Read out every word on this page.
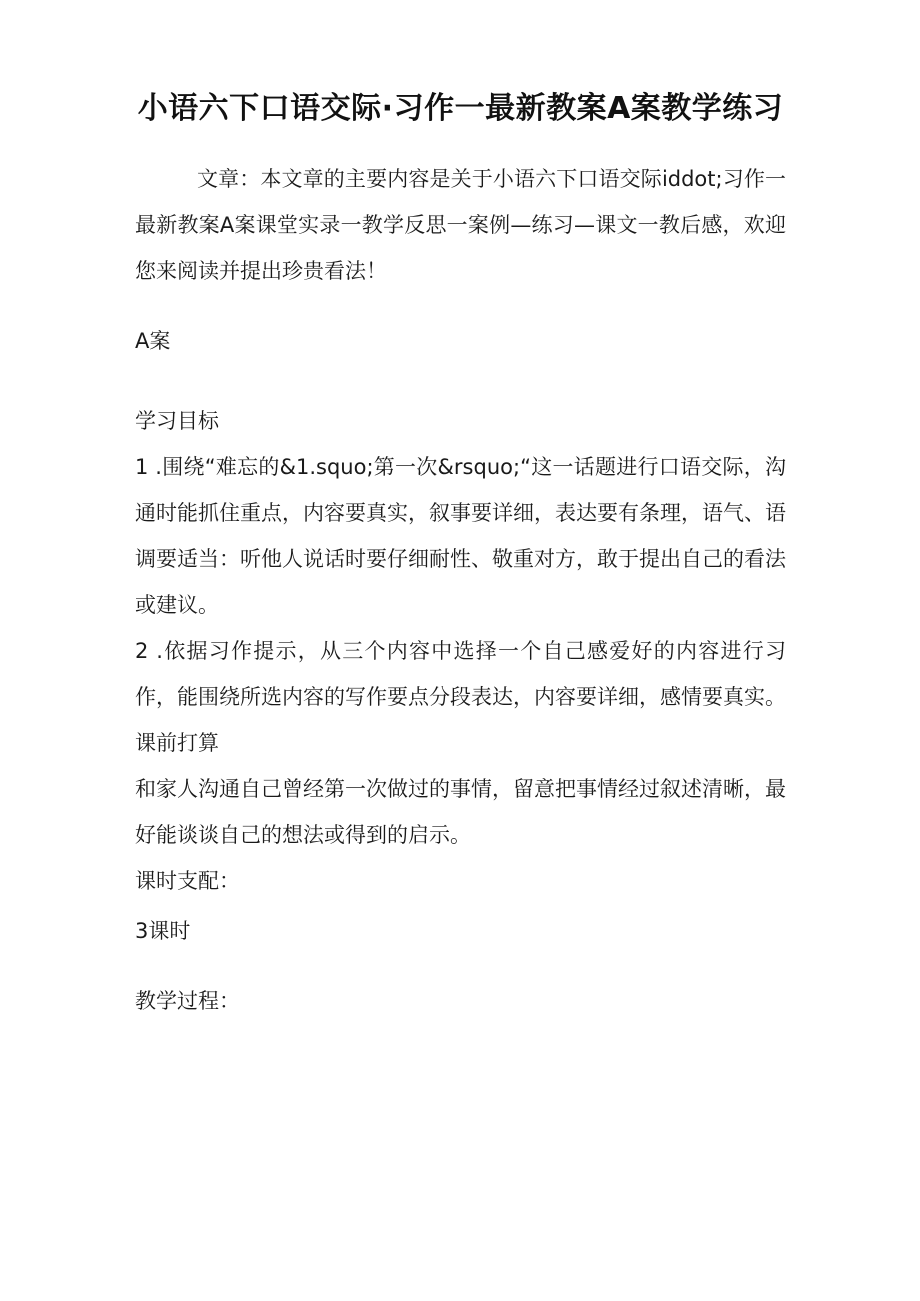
小语六下口语交际·习作一最新教案A案教学练习

文章：本文章的主要内容是关于小语六下口语交际iddot;习作一最新教案A案课堂实录一教学反思一案例—练习—课文一教后感，欢迎您来阅读并提出珍贵看法！

A案

学习目标

1 .围绕“难忘的&1.squo;第一次&rsquo;“这一话题进行口语交际，沟通时能抓住重点，内容要真实，叙事要详细，表达要有条理，语气、语调要适当：听他人说话时要仔细耐性、敬重对方，敢于提出自己的看法或建议。

2 .依据习作提示，从三个内容中选择一个自己感爱好的内容进行习作，能围绕所选内容的写作要点分段表达，内容要详细，感情要真实。

课前打算

和家人沟通自己曾经第一次做过的事情，留意把事情经过叙述清晰，最好能谈谈自己的想法或得到的启示。

课时支配：

3课时

教学过程：
